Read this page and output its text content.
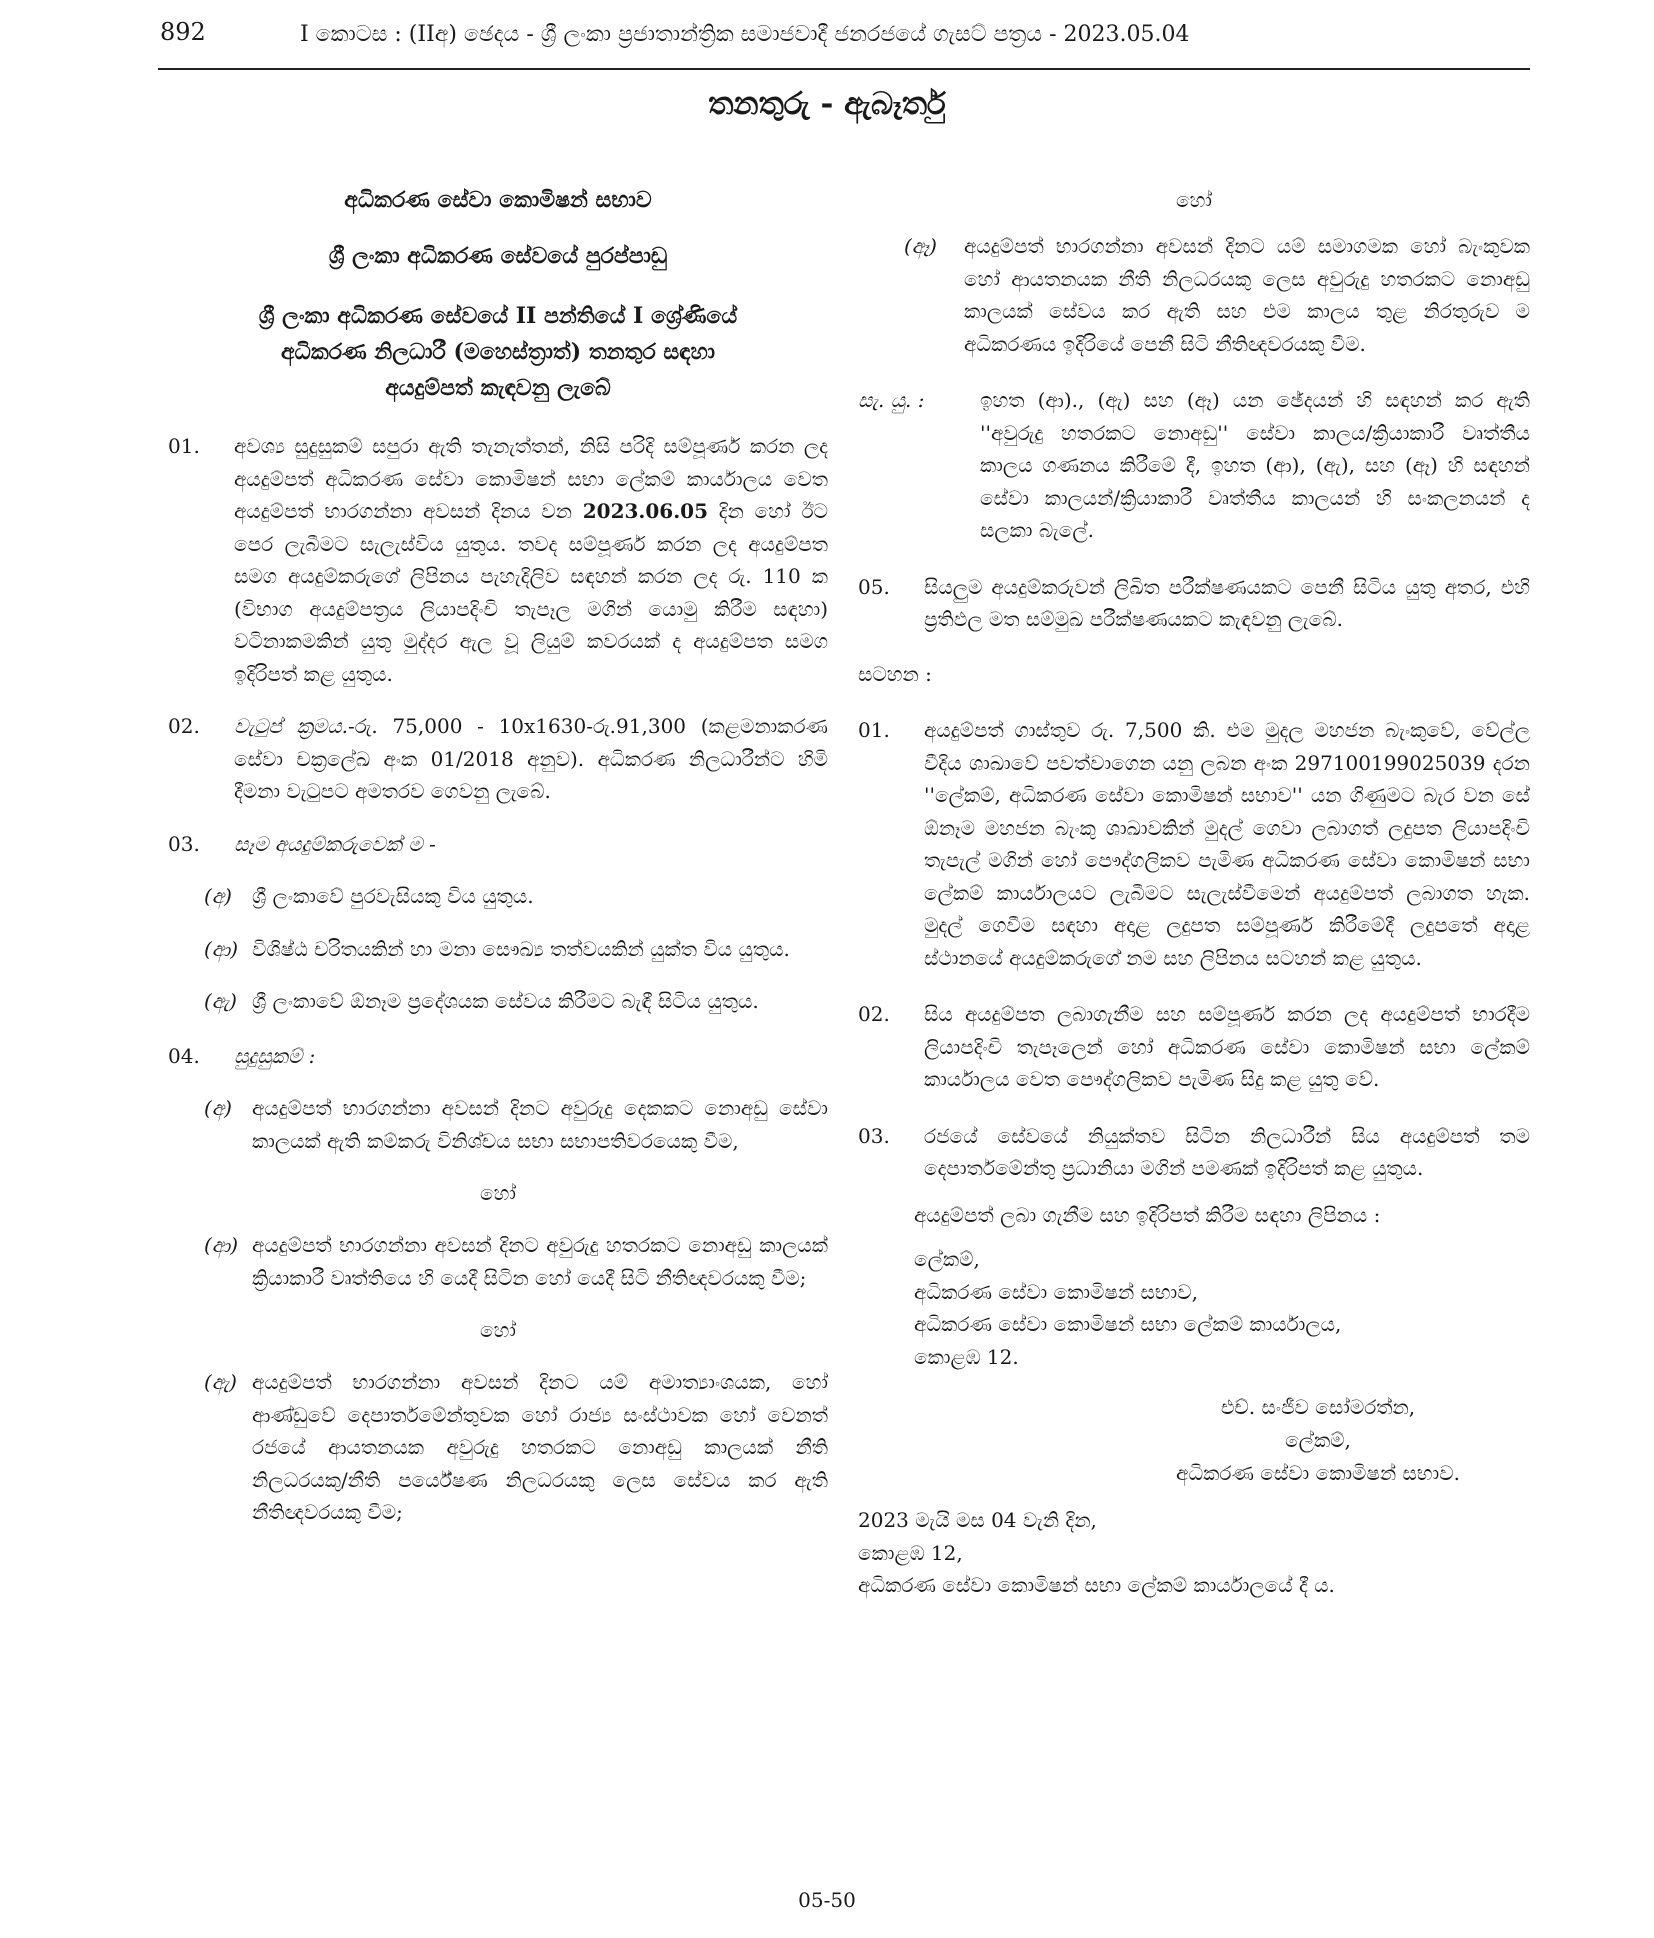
892	I කොටස : (IIඅ) ඡෙදය - ශ්‍රී ලංකා ප්‍රජාතාන්ත්‍රික සමාජවාදී ජනරජයේ ගැසට් පත්‍රය - 2023.05.04
තනතුරු - ඇබෑර්තු
අධිකරණ සේවා කොමිෂන් සභාව
ශ්‍රී ලංකා අධිකරණ සේවයේ පුරප්පාඩු
ශ්‍රී ලංකා අධිකරණ සේවයේ II පන්තියේ I ශ්‍රේණියේ
අධිකරණ නිලධාරී (මහෙස්ත්‍රාත්) තනතුර සඳහා
අයදුම්පත් කැඳවනු ලැබේ
01.	අවශ්‍ය සුදුසුකම් සපුරා ඇති තැනැත්තන්, නිසි පරිදි සම්පූර්ණ කරන ලද අයදුම්පත් අධිකරණ සේවා කොමිෂන් සභා ලේකම් කාර්යාලය වෙත අයදුම්පත් භාරගන්නා අවසන් දිනය වන 2023.06.05 දින හෝ ඊට පෙර ලැබීමට සැලැස්විය යුතුය. තවද සම්පූර්ණ කරන ලද අයදුම්පත සමග අයදුම්කරුගේ ලිපිනය පැහැදිලිව සඳහන් කරන ලද රු. 110 ක (විභාග අයදුම්පත්‍රය ලියාපදිංචි තැපෑල මගින් යොමු කිරීම සඳහා) වටිනාකමකින් යුතු මුද්දර ඇල වූ ලියුම් කවරයක් ද අයදුම්පත සමග ඉදිරිපත් කළ යුතුය.
02.	වැටුප් ක්‍රමය.-රු. 75,000 - 10x1630-රු.91,300 (කළමනාකරණ සේවා චක්‍රලේඛ අංක 01/2018 අනුව). අධිකරණ නිලධාරීන්ට හිමි දීමනා වැටුපට අමතරව ගෙවනු ලැබේ.
03.	සෑම අයදුම්කරුවෙක් ම -
(අ)	ශ්‍රී ලංකාවේ පුරවැසියකු විය යුතුය.
(ආ) විශිෂ්ඨ චරිතයකින් හා මනා සෞඛ්‍ය තත්වයකින් යුක්ත විය යුතුය.
(ඇ) ශ්‍රී ලංකාවේ ඕනෑම ප්‍රදේශයක සේවය කිරීමට බැඳී සිටිය යුතුය.
04.	සුදුසුකම් :
(අ)	අයදුම්පත් භාරගන්නා අවසන් දිනට අවුරුදු දෙකකට නොඅඩු සේවා කාලයක් ඇති කම්කරු විනිශ්චය සභා සභාපතිවරයෙකු වීම,
හෝ
(ආ) අයදුම්පත් භාරගන්නා අවසන් දිනට අවුරුදු හතරකට නොඅඩු කාලයක් ක්‍රියාකාරී වෘත්තියෙ හි යෙදී සිටින හෝ යෙදී සිටි නීතිඥවරයකු වීම;
හෝ
(ඇ) අයදුම්පත් භාරගන්නා අවසන් දිනට යම් අමාත්‍යාංශයක, හෝ ආණ්ඩුවේ දෙපාර්තමේන්තුවක හෝ රාජ්‍ය සංස්ථාවක හෝ වෙනත් රජයේ ආයතනයක අවුරුදු හතරකට නොඅඩු කාලයක් නීති නිලධරයකු/නීති පර්යේෂණ නිලධරයකු ලෙස සේවය කර ඇති නීතිඥවරයකු වීම;
හෝ
(ඈ)	අයදුම්පත් භාරගන්නා අවසන් දිනට යම් සමාගමක හෝ බැංකුවක හෝ ආයතනයක නීති නිලධරයකු ලෙස අවුරුදු හතරකට නොඅඩු කාලයක් සේවය කර ඇති සහ එම කාලය තුළ නිරතුරුව ම අධිකරණය ඉදිරියේ පෙනී සිටි නීතිඥවරයකු වීම.
සැ. යු. :	ඉහත (ආ)., (ඇ) සහ (ඈ) යන ඡේදයන් හි සඳහන් කර ඇති ''අවුරුදු හතරකට නොඅඩු'' සේවා කාලය/ක්‍රියාකාරී වෘත්තීය කාලය ගණනය කිරීමේ දී, ඉහත (ආ), (ඇ), සහ (ඈ) හි සඳහන් සේවා කාලයන්/ක්‍රියාකාරී වෘත්තීය කාලයන් හි සංකලනයන් ද සලකා බැලේ.
05.	සියලුම අයදුම්කරුවන් ලිඛිත පරීක්ෂණයකට පෙනී සිටිය යුතු අතර, එහි ප්‍රතිඵල මත සම්මුඛ පරීක්ෂණයකට කැඳවනු ලැබේ.
සටහන :
01.	අයදුම්පත් ගාස්තුව රු. 7,500 කි. එම මුදල මහජන බැංකුවේ, වේල්ල වීදිය ශාඛාවේ පවත්වාගෙන යනු ලබන අංක 297100199025039 දරන ''ලේකම්, අධිකරණ සේවා කොමිෂන් සභාව'' යන ගිණුමට බැර වන සේ ඕනෑම මහජන බැංකු ශාඛාවකින් මුදල් ගෙවා ලබාගත් ලදුපත ලියාපදිංචි තැපැල් මගින් හෝ පෞද්ගලිකව පැමිණ අධිකරණ සේවා කොමිෂන් සභා ලේකම් කාර්යාලයට ලැබීමට සැලැස්වීමෙන් අයදුම්පත් ලබාගත හැක. මුදල් ගෙවීම සඳහා අදාළ ලදුපත සම්පූර්ණ කිරීමේදී ලදුපතේ අදාළ ස්ථානයේ අයදුම්කරුගේ නම සහ ලිපිනය සටහන් කළ යුතුය.
02.	සිය අයදුම්පත ලබාගැනීම සහ සම්පූර්ණ කරන ලද අයදුම්පත් භාරදීම ලියාපදිංචි තැපෑලෙන් හෝ අධිකරණ සේවා කොමිෂන් සභා ලේකම් කාර්යාලය වෙත පෞද්ගලිකව පැමිණ සිදු කළ යුතු වේ.
03.	රජයේ සේවයේ නියුක්තව සිටින නිලධාරීන් සිය අයදුම්පත් තම දෙපාර්තමේන්තු ප්‍රධානියා මගින් පමණක් ඉදිරිපත් කළ යුතුය.
අයදුම්පත් ලබා ගැනීම සහ ඉදිරිපත් කිරීම සඳහා ලිපිනය :
ලේකම්,
අධිකරණ සේවා කොමිෂන් සභාව,
අධිකරණ සේවා කොමිෂන් සභා ලේකම් කාර්යාලය,
කොළඹ 12.
එච්. සංජීව සෝමරත්න,
ලේකම්,
අධිකරණ සේවා කොමිෂන් සභාව.
2023 මැයි මස 04 වැනි දින,
කොළඹ 12,
අධිකරණ සේවා කොමිෂන් සභා ලේකම් කාර්යාලයේ දී ය.
05-50
